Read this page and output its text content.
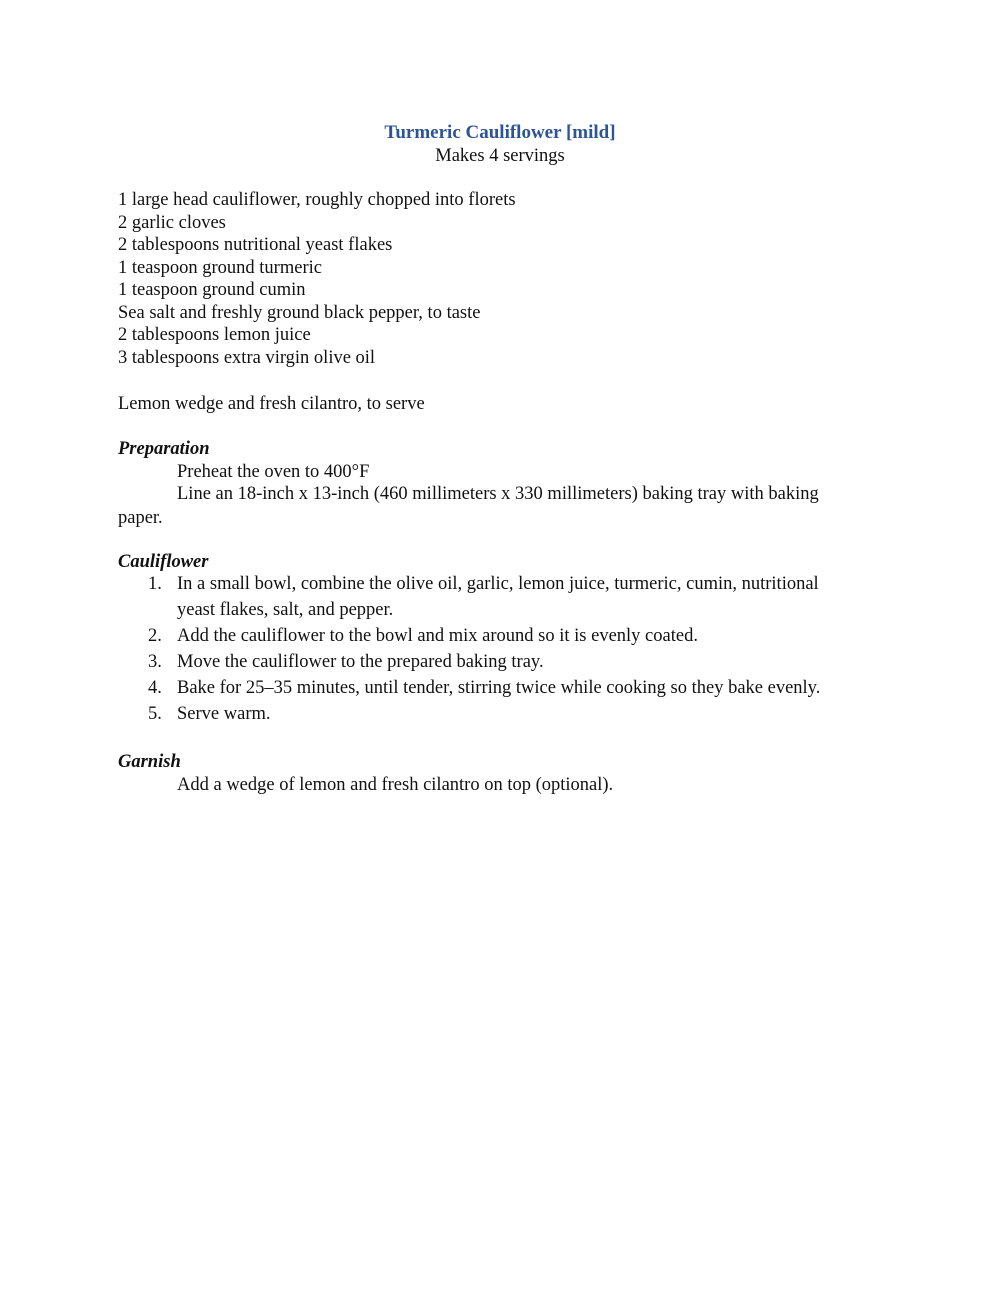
Turmeric Cauliflower [mild]
Makes 4 servings
1 large head cauliflower, roughly chopped into florets
2 garlic cloves
2 tablespoons nutritional yeast flakes
1 teaspoon ground turmeric
1 teaspoon ground cumin
Sea salt and freshly ground black pepper, to taste
2 tablespoons lemon juice
3 tablespoons extra virgin olive oil
Lemon wedge and fresh cilantro, to serve
Preparation
Preheat the oven to 400°F
Line an 18-inch x 13-inch (460 millimeters x 330 millimeters) baking tray with baking
paper.
Cauliflower
1. In a small bowl, combine the olive oil, garlic, lemon juice, turmeric, cumin, nutritional
yeast flakes, salt, and pepper.
2. Add the cauliflower to the bowl and mix around so it is evenly coated.
3. Move the cauliflower to the prepared baking tray.
4. Bake for 25–35 minutes, until tender, stirring twice while cooking so they bake evenly.
5. Serve warm.
Garnish
Add a wedge of lemon and fresh cilantro on top (optional).
